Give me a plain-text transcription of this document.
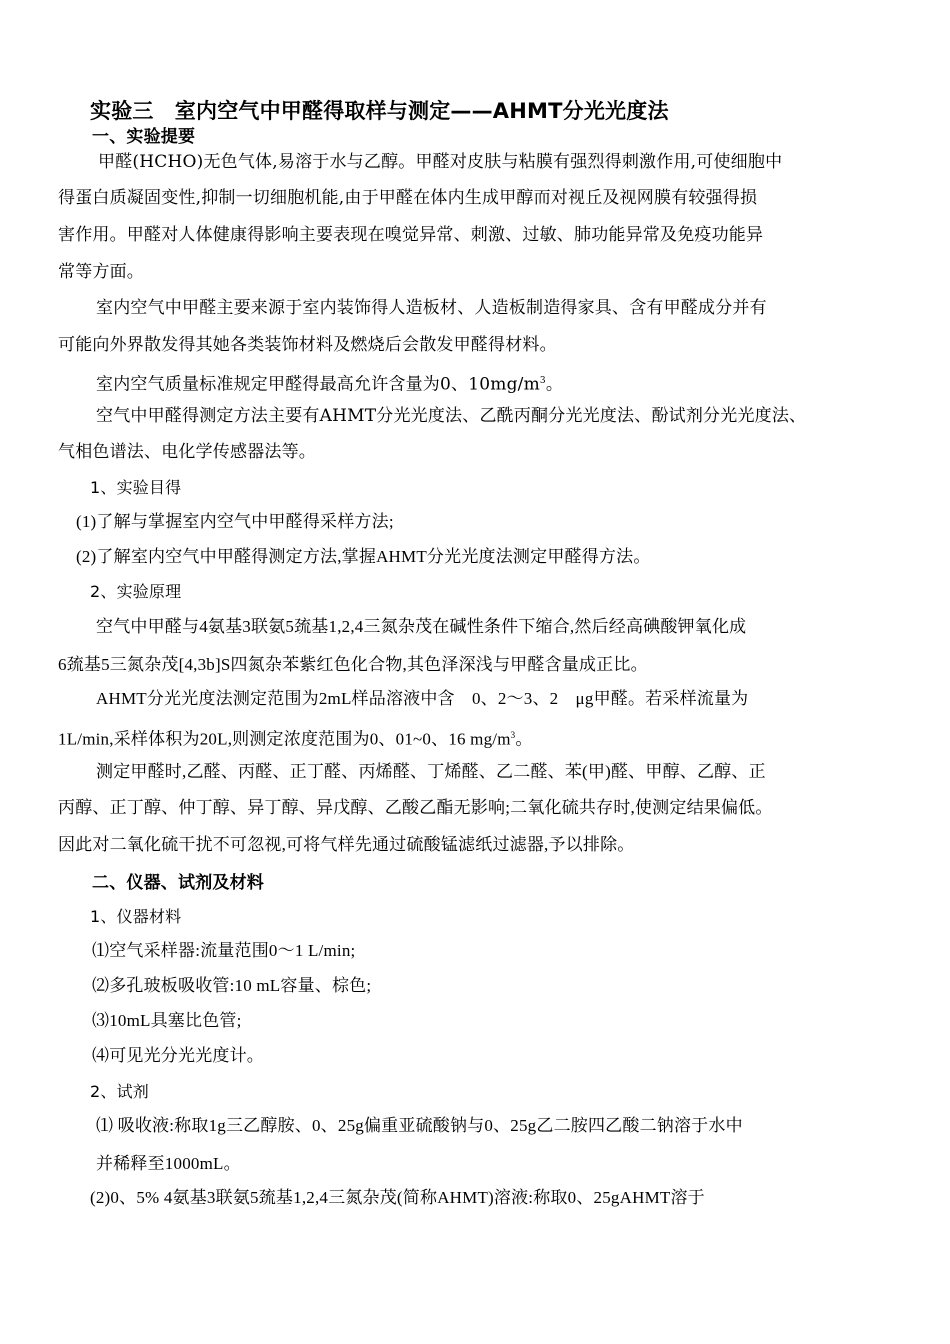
实验三　室内空气中甲醛得取样与测定——AHMT分光光度法
一、实验提要
甲醛(HCHO)无色气体,易溶于水与乙醇。甲醛对皮肤与粘膜有强烈得刺激作用,可使细胞中
得蛋白质凝固变性,抑制一切细胞机能,由于甲醛在体内生成甲醇而对视丘及视网膜有较强得损
害作用。甲醛对人体健康得影响主要表现在嗅觉异常、刺激、过敏、肺功能异常及免疫功能异
常等方面。
室内空气中甲醛主要来源于室内装饰得人造板材、人造板制造得家具、含有甲醛成分并有
可能向外界散发得其她各类装饰材料及燃烧后会散发甲醛得材料。
室内空气质量标准规定甲醛得最高允许含量为0、$10mg/m^3$。
空气中甲醛得测定方法主要有AHMT分光光度法、乙酰丙酮分光光度法、酚试剂分光光度法、
气相色谱法、电化学传感器法等。
1、实验目得
(1)了解与掌握室内空气中甲醛得采样方法;
(2)了解室内空气中甲醛得测定方法,掌握AHMT分光光度法测定甲醛得方法。
2、实验原理
空气中甲醛与4氨基3联氨5巯基1,2,4三氮杂茂在碱性条件下缩合,然后经高碘酸钾氧化成
6巯基5三氮杂茂[4,3b]S四氮杂苯紫红色化合物,其色泽深浅与甲醛含量成正比。
AHMT分光光度法测定范围为2mL样品溶液中含　0、2～3、2　μg甲醛。若采样流量为
1L/min,采样体积为20L,则测定浓度范围为0、01~0、16 $mg/m^3$。
测定甲醛时,乙醛、丙醛、正丁醛、丙烯醛、丁烯醛、乙二醛、苯(甲)醛、甲醇、乙醇、正
丙醇、正丁醇、仲丁醇、异丁醇、异戊醇、乙酸乙酯无影响;二氧化硫共存时,使测定结果偏低。
因此对二氧化硫干扰不可忽视,可将气样先通过硫酸锰滤纸过滤器,予以排除。
二、仪器、试剂及材料
1、仪器材料
⑴空气采样器:流量范围0～1 L/min;
⑵多孔玻板吸收管:10 mL容量、棕色;
⑶10mL具塞比色管;
⑷可见光分光光度计。
2、试剂
⑴ 吸收液:称取1g三乙醇胺、0、25g偏重亚硫酸钠与0、25g乙二胺四乙酸二钠溶于水中
并稀释至1000mL。
(2)0、5% 4氨基3联氨5巯基1,2,4三氮杂茂(简称AHMT)溶液:称取0、25gAHMT溶于
